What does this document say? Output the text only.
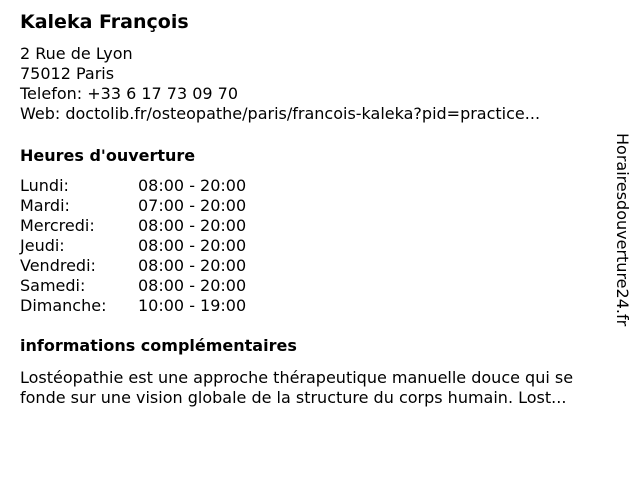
Kaleka François
2 Rue de Lyon
75012 Paris
Telefon: +33 6 17 73 09 70
Web: doctolib.fr/osteopathe/paris/francois-kaleka?pid=practice...
Heures d'ouverture
Lundi:	08:00 - 20:00
Mardi:	07:00 - 20:00
Mercredi:	08:00 - 20:00
Jeudi:	08:00 - 20:00
Vendredi:	08:00 - 20:00
Samedi:	08:00 - 20:00
Dimanche:	10:00 - 19:00
informations complémentaires
Lostéopathie est une approche thérapeutique manuelle douce qui se fonde sur une vision globale de la structure du corps humain. Lost...
Horairesdouverture24.fr
